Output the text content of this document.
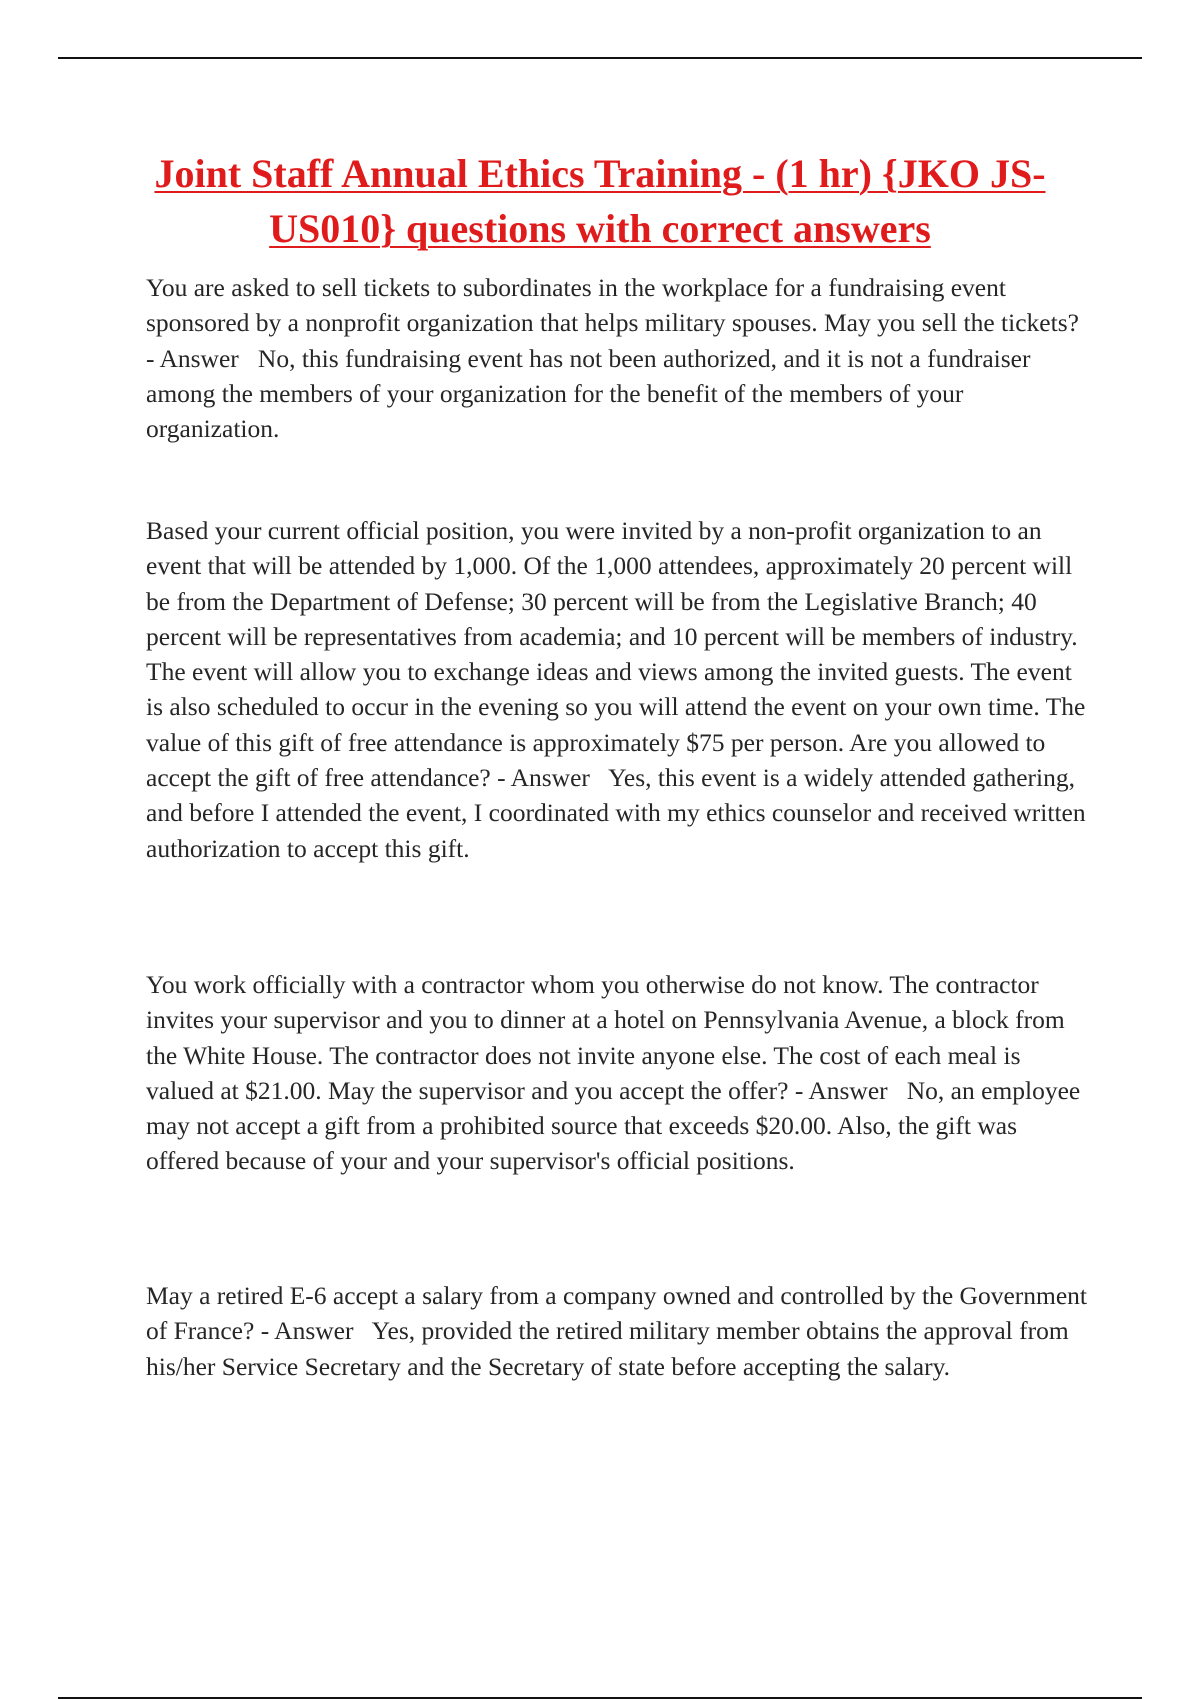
Joint Staff Annual Ethics Training - (1 hr) {JKO JS-US010} questions with correct answers

You are asked to sell tickets to subordinates in the workplace for a fundraising event sponsored by a nonprofit organization that helps military spouses. May you sell the tickets? - Answer   No, this fundraising event has not been authorized, and it is not a fundraiser among the members of your organization for the benefit of the members of your organization.

Based your current official position, you were invited by a non-profit organization to an event that will be attended by 1,000. Of the 1,000 attendees, approximately 20 percent will be from the Department of Defense; 30 percent will be from the Legislative Branch; 40 percent will be representatives from academia; and 10 percent will be members of industry. The event will allow you to exchange ideas and views among the invited guests. The event is also scheduled to occur in the evening so you will attend the event on your own time. The value of this gift of free attendance is approximately $75 per person. Are you allowed to accept the gift of free attendance? - Answer   Yes, this event is a widely attended gathering, and before I attended the event, I coordinated with my ethics counselor and received written authorization to accept this gift.

You work officially with a contractor whom you otherwise do not know. The contractor invites your supervisor and you to dinner at a hotel on Pennsylvania Avenue, a block from the White House. The contractor does not invite anyone else. The cost of each meal is valued at $21.00. May the supervisor and you accept the offer? - Answer   No, an employee may not accept a gift from a prohibited source that exceeds $20.00. Also, the gift was offered because of your and your supervisor's official positions.

May a retired E-6 accept a salary from a company owned and controlled by the Government of France? - Answer   Yes, provided the retired military member obtains the approval from his/her Service Secretary and the Secretary of state before accepting the salary.
